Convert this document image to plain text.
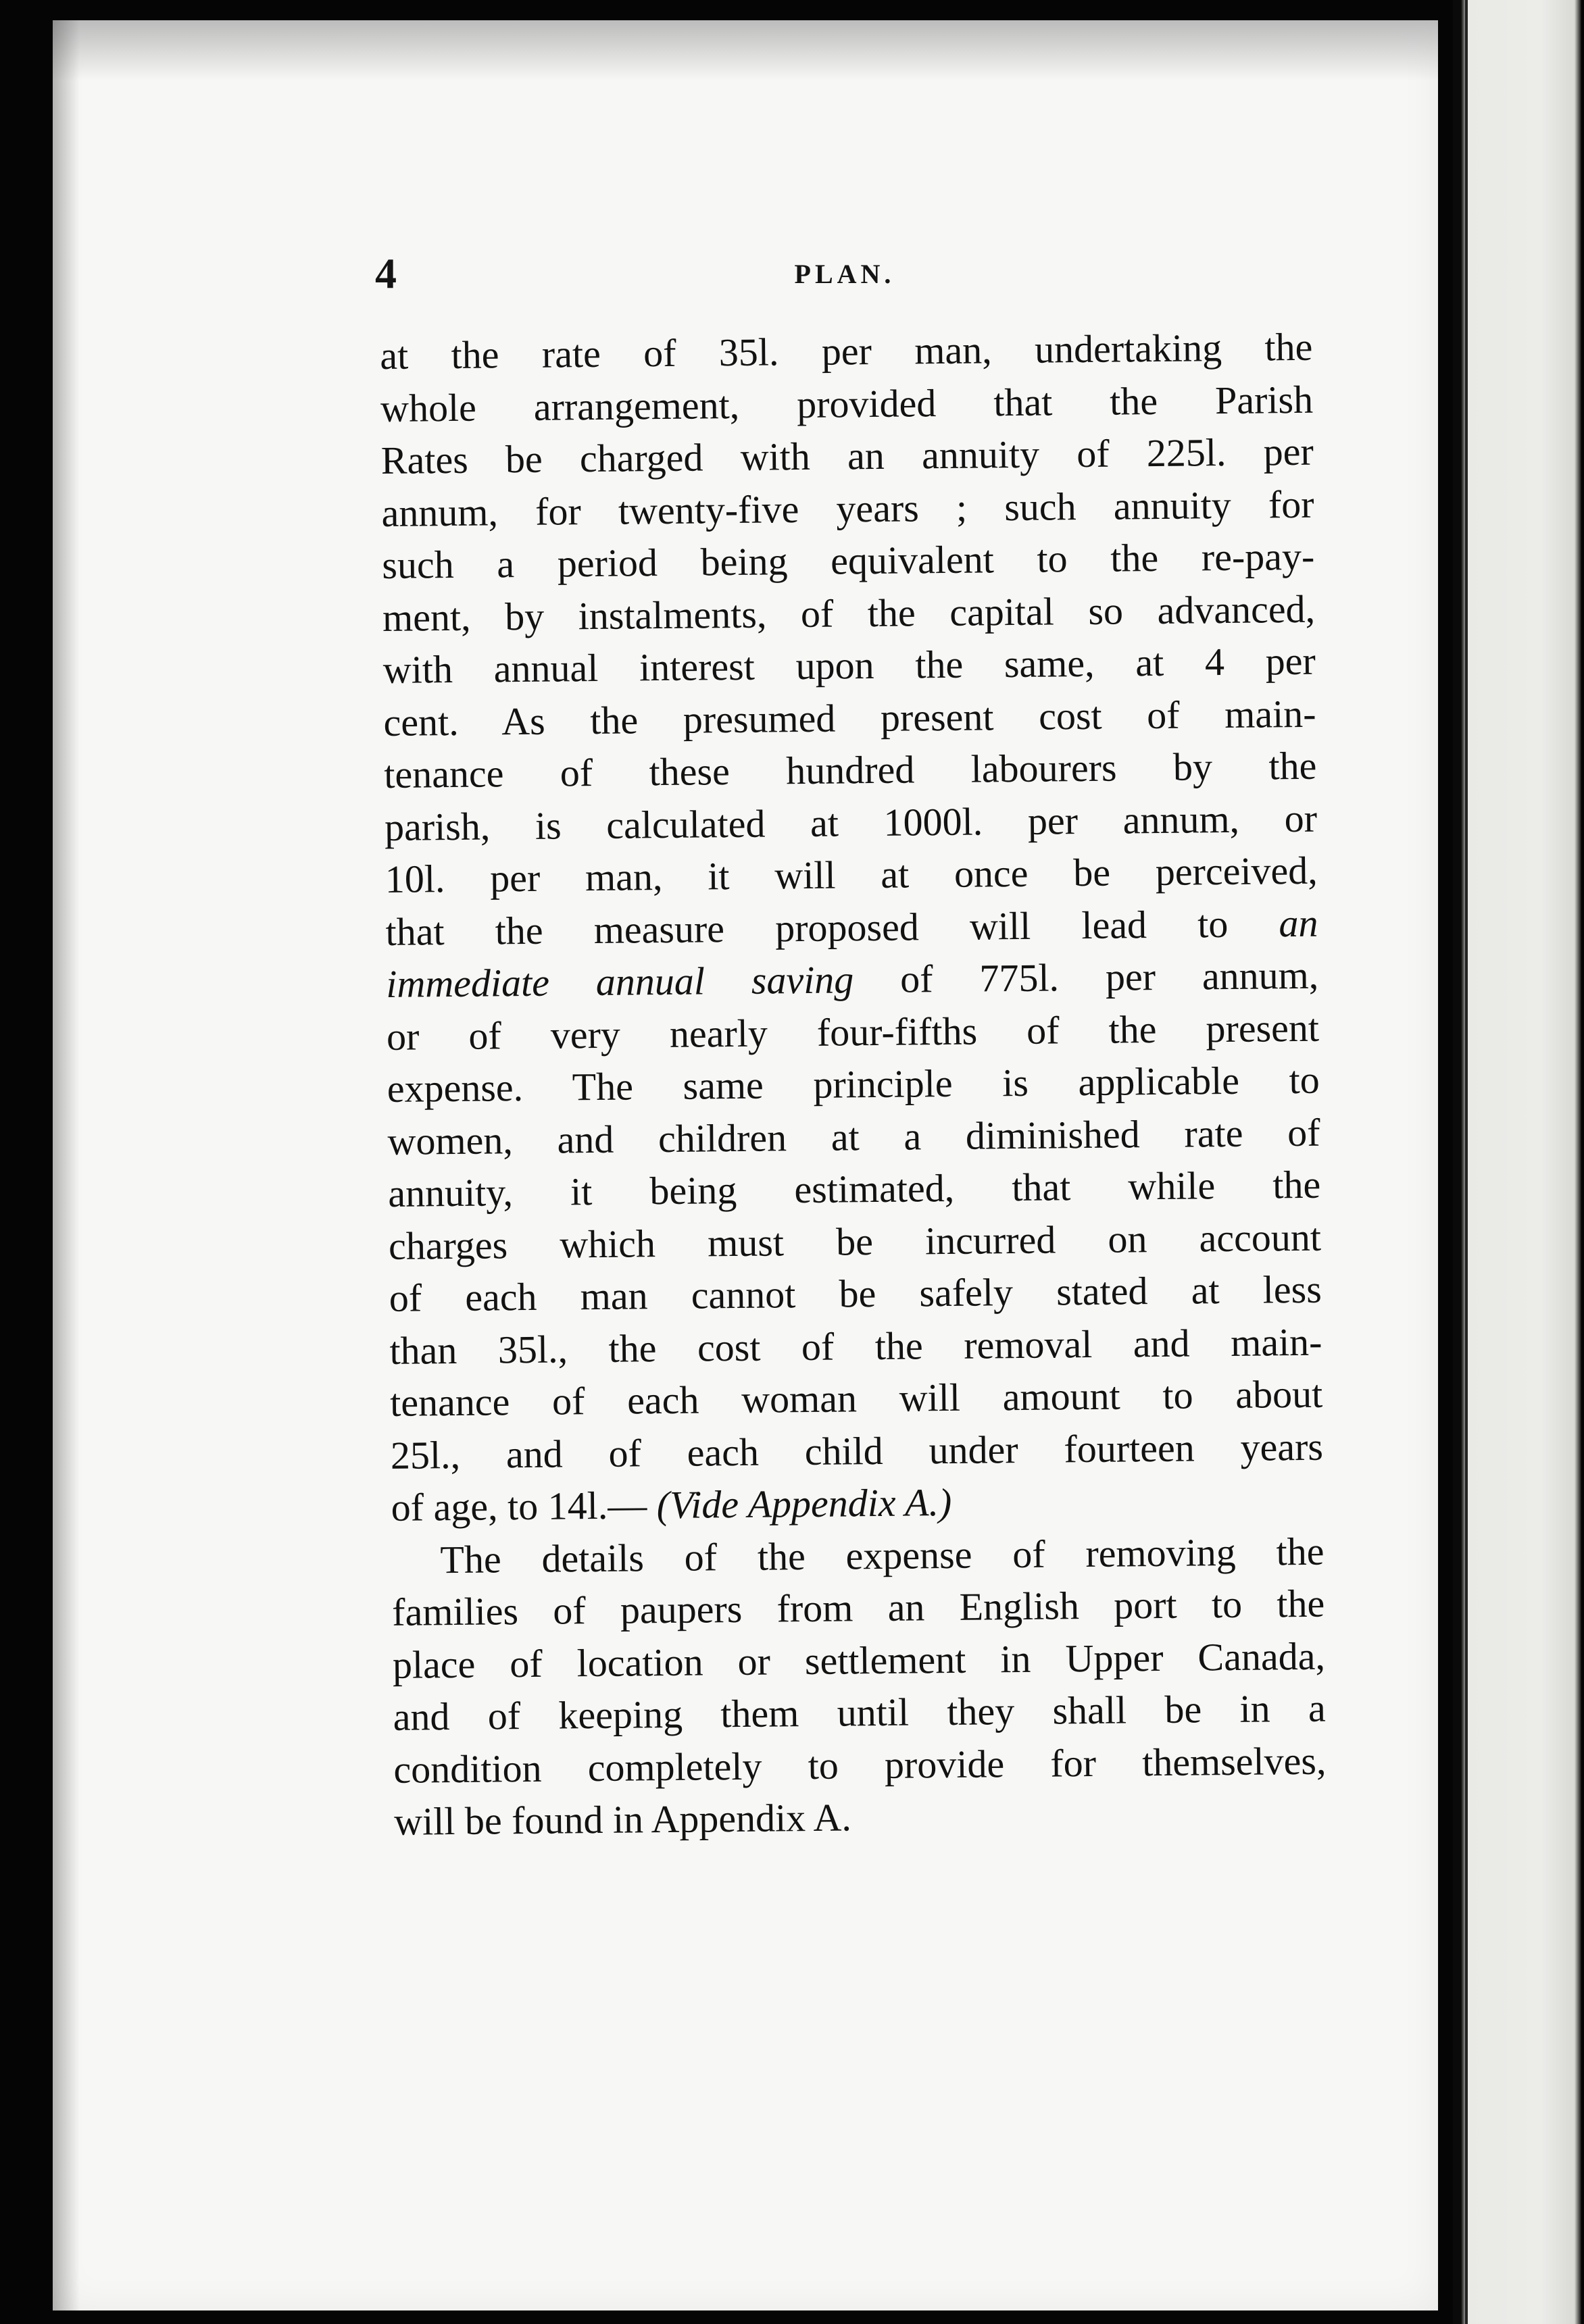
4	PLAN.

at the rate of 35l. per man, undertaking the
whole arrangement, provided that the Parish
Rates be charged with an annuity of 225l. per
annum, for twenty-five years ; such annuity for
such a period being equivalent to the re-pay-
ment, by instalments, of the capital so advanced,
with annual interest upon the same, at 4 per
cent. As the presumed present cost of main-
tenance of these hundred labourers by the
parish, is calculated at 1000l. per annum, or
10l. per man, it will at once be perceived,
that the measure proposed will lead to an
immediate annual saving of 775l. per annum,
or of very nearly four-fifths of the present
expense. The same principle is applicable to
women, and children at a diminished rate of
annuity, it being estimated, that while the
charges which must be incurred on account
of each man cannot be safely stated at less
than 35l., the cost of the removal and main-
tenance of each woman will amount to about
25l., and of each child under fourteen years
of age, to 14l.— (Vide Appendix A.)

The details of the expense of removing the
families of paupers from an English port to the
place of location or settlement in Upper Canada,
and of keeping them until they shall be in a
condition completely to provide for themselves,
will be found in Appendix A.
